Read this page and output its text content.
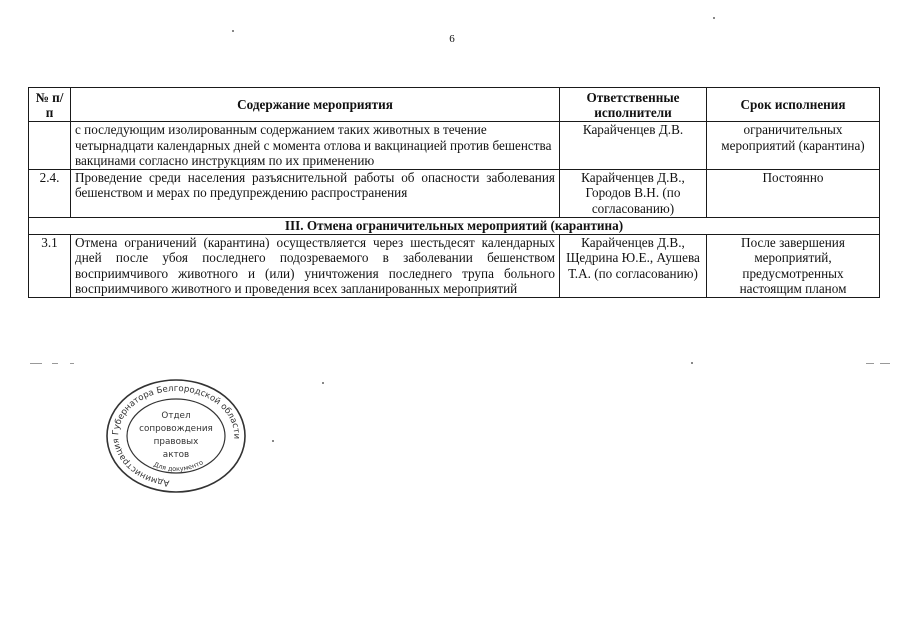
6
№ п/п	Содержание мероприятия	Ответственные исполнители	Срок исполнения
	с последующим изолированным содержанием таких животных в течение четырнадцати календарных дней с момента отлова и вакцинацией против бешенства вакцинами согласно инструкциям по их применению	Карайченцев Д.В.	ограничительных мероприятий (карантина)
2.4.	Проведение среди населения разъяснительной работы об опасности заболевания бешенством и мерах по предупреждению распространения	Карайченцев Д.В., Городов В.Н. (по согласованию)	Постоянно
III. Отмена ограничительных мероприятий (карантина)			
3.1	Отмена ограничений (карантина) осуществляется через шестьдесят календарных дней после убоя последнего подозреваемого в заболевании бешенством восприимчивого животного и (или) уничтожения последнего трупа больного восприимчивого животного и проведения всех запланированных мероприятий	Карайченцев Д.В., Щедрина Ю.Е., Аушева Т.А. (по согласованию)	После завершения мероприятий, предусмотренных настоящим планом
Администрация Губернатора Белгородской области
Отдел
сопровождения
правовых
актов
Для документо
